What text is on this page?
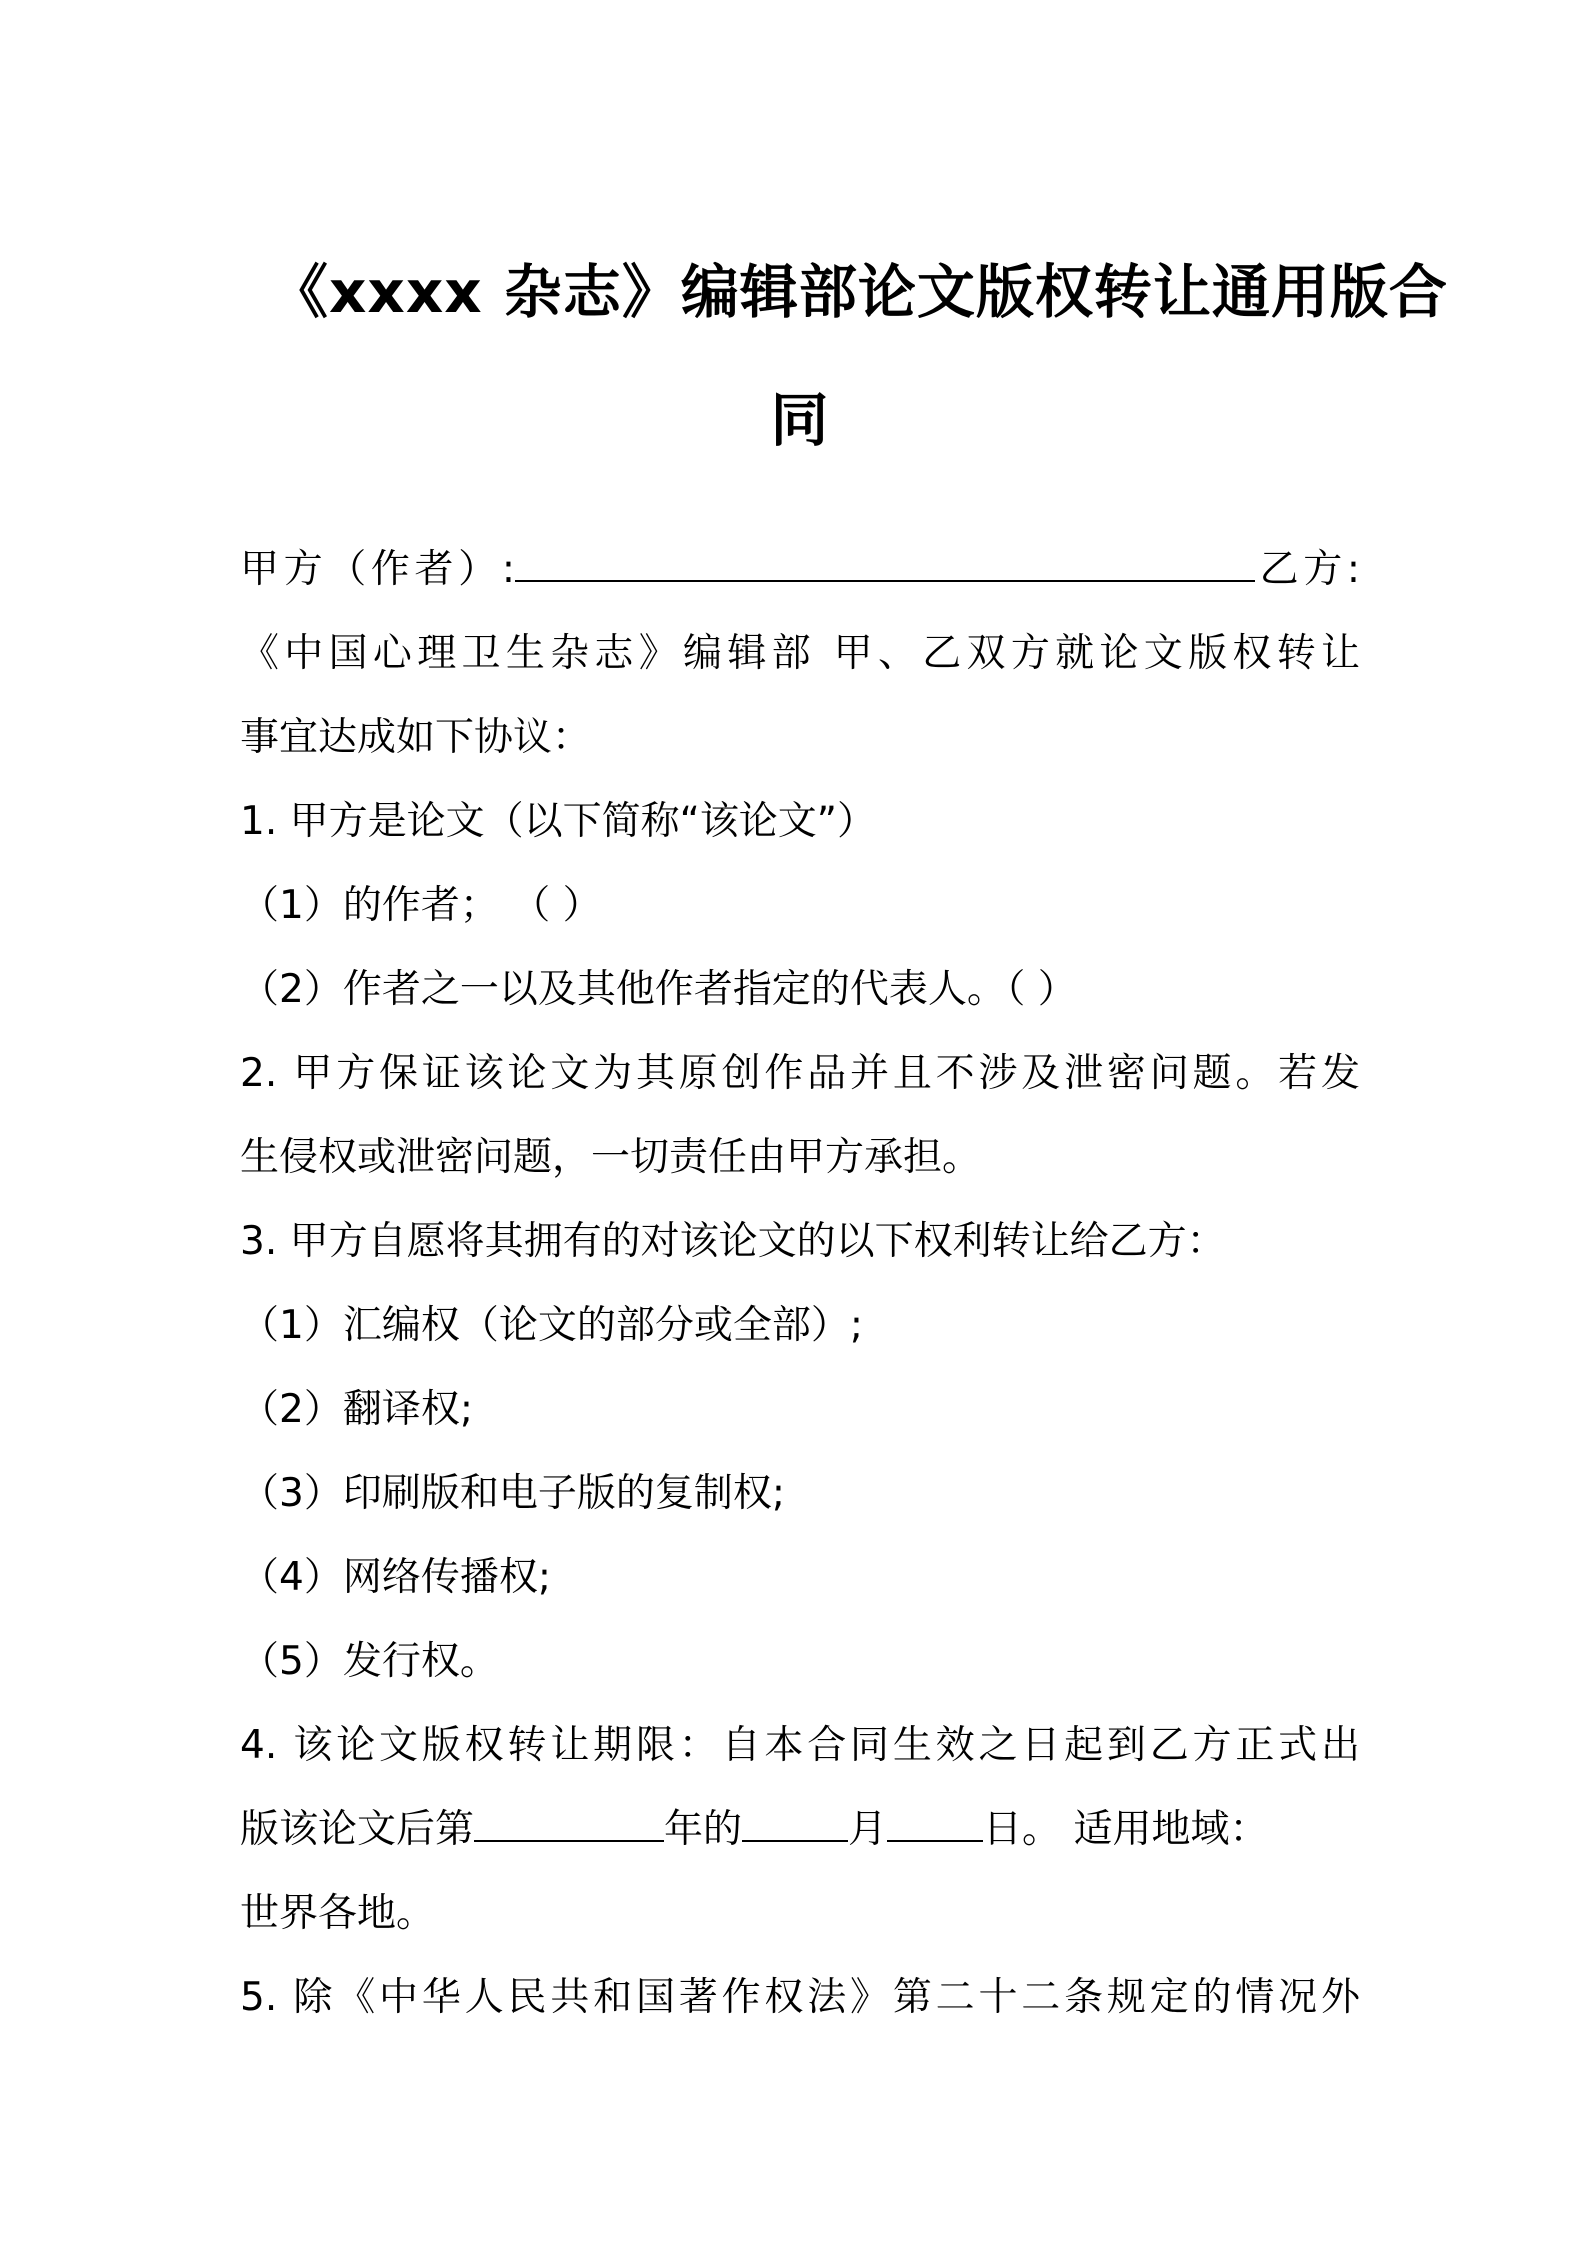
《xxxx 杂志》编辑部论文版权转让通用版合
同
甲方（作者）:	乙方:
《中国心理卫生杂志》编辑部 甲、乙双方就论文版权转让
事宜达成如下协议：
1. 甲方是论文（以下简称“该论文”）
（1）的作者； （ ）
（2）作者之一以及其他作者指定的代表人。（ ）
2. 甲方保证该论文为其原创作品并且不涉及泄密问题。若发
生侵权或泄密问题，一切责任由甲方承担。
3. 甲方自愿将其拥有的对该论文的以下权利转让给乙方：
（1）汇编权（论文的部分或全部）;
（2）翻译权;
（3）印刷版和电子版的复制权;
（4）网络传播权;
（5）发行权。
4. 该论文版权转让期限：自本合同生效之日起到乙方正式出
版该论文后第	年的	月 日。 适用地域：
世界各地。
5. 除《中华人民共和国著作权法》第二十二条规定的情况外
